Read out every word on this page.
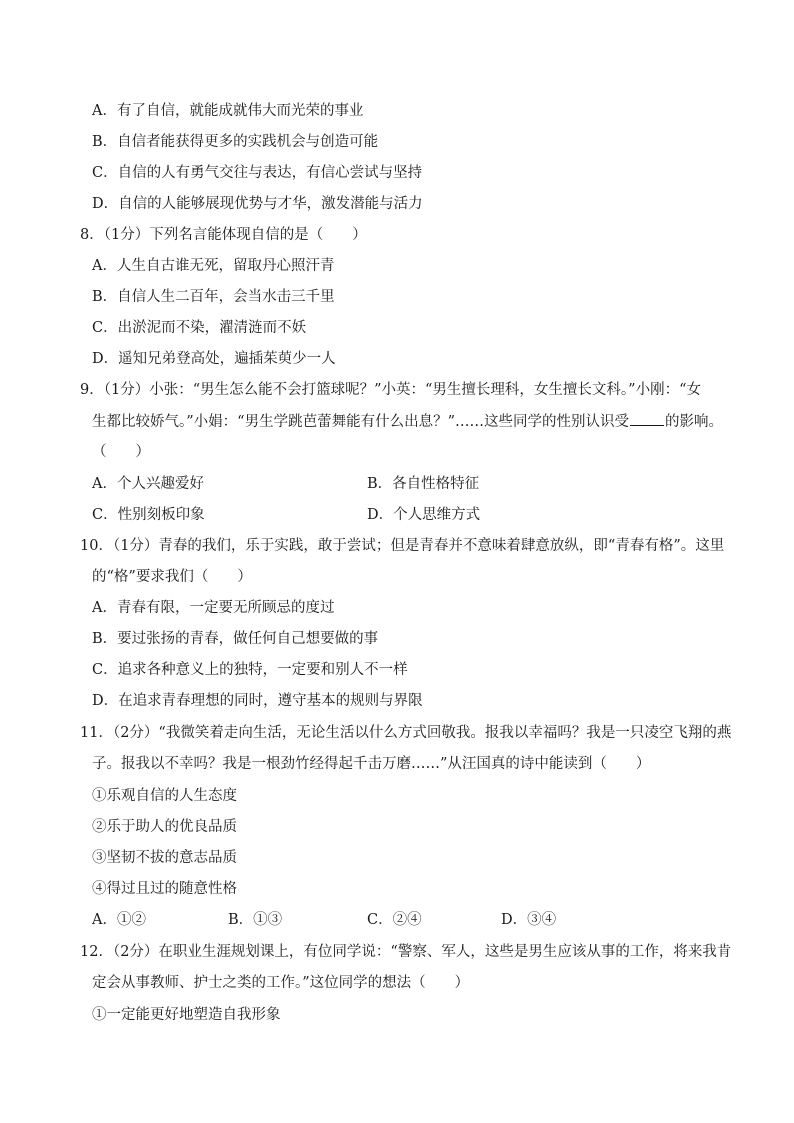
A．有了自信，就能成就伟大而光荣的事业
B．自信者能获得更多的实践机会与创造可能
C．自信的人有勇气交往与表达，有信心尝试与坚持
D．自信的人能够展现优势与才华，激发潜能与活力
8．（1分）下列名言能体现自信的是（　　）
A．人生自古谁无死，留取丹心照汗青
B．自信人生二百年，会当水击三千里
C．出淤泥而不染，濯清涟而不妖
D．遥知兄弟登高处，遍插茱萸少一人
9．（1分）小张：“男生怎么能不会打篮球呢？”小英：“男生擅长理科，女生擅长文科。”小刚：“女
生都比较娇气。”小娟：“男生学跳芭蕾舞能有什么出息？”……这些同学的性别认识受 的影响。
（　　）
A．个人兴趣爱好	B．各自性格特征
C．性别刻板印象	D．个人思维方式
10．（1分）青春的我们，乐于实践，敢于尝试；但是青春并不意味着肆意放纵，即“青春有格”。这里
的“格”要求我们（　　）
A．青春有限，一定要无所顾忌的度过
B．要过张扬的青春，做任何自己想要做的事
C．追求各种意义上的独特，一定要和别人不一样
D．在追求青春理想的同时，遵守基本的规则与界限
11．（2分）“我微笑着走向生活，无论生活以什么方式回敬我。报我以幸福吗？我是一只凌空飞翔的燕
子。报我以不幸吗？我是一根劲竹经得起千击万磨……”从汪国真的诗中能读到（　　）
①乐观自信的人生态度
②乐于助人的优良品质
③坚韧不拔的意志品质
④得过且过的随意性格
A．①②	B．①③	C．②④	D．③④
12．（2分）在职业生涯规划课上，有位同学说：“警察、军人，这些是男生应该从事的工作，将来我肯
定会从事教师、护士之类的工作。”这位同学的想法（　　）
①一定能更好地塑造自我形象
